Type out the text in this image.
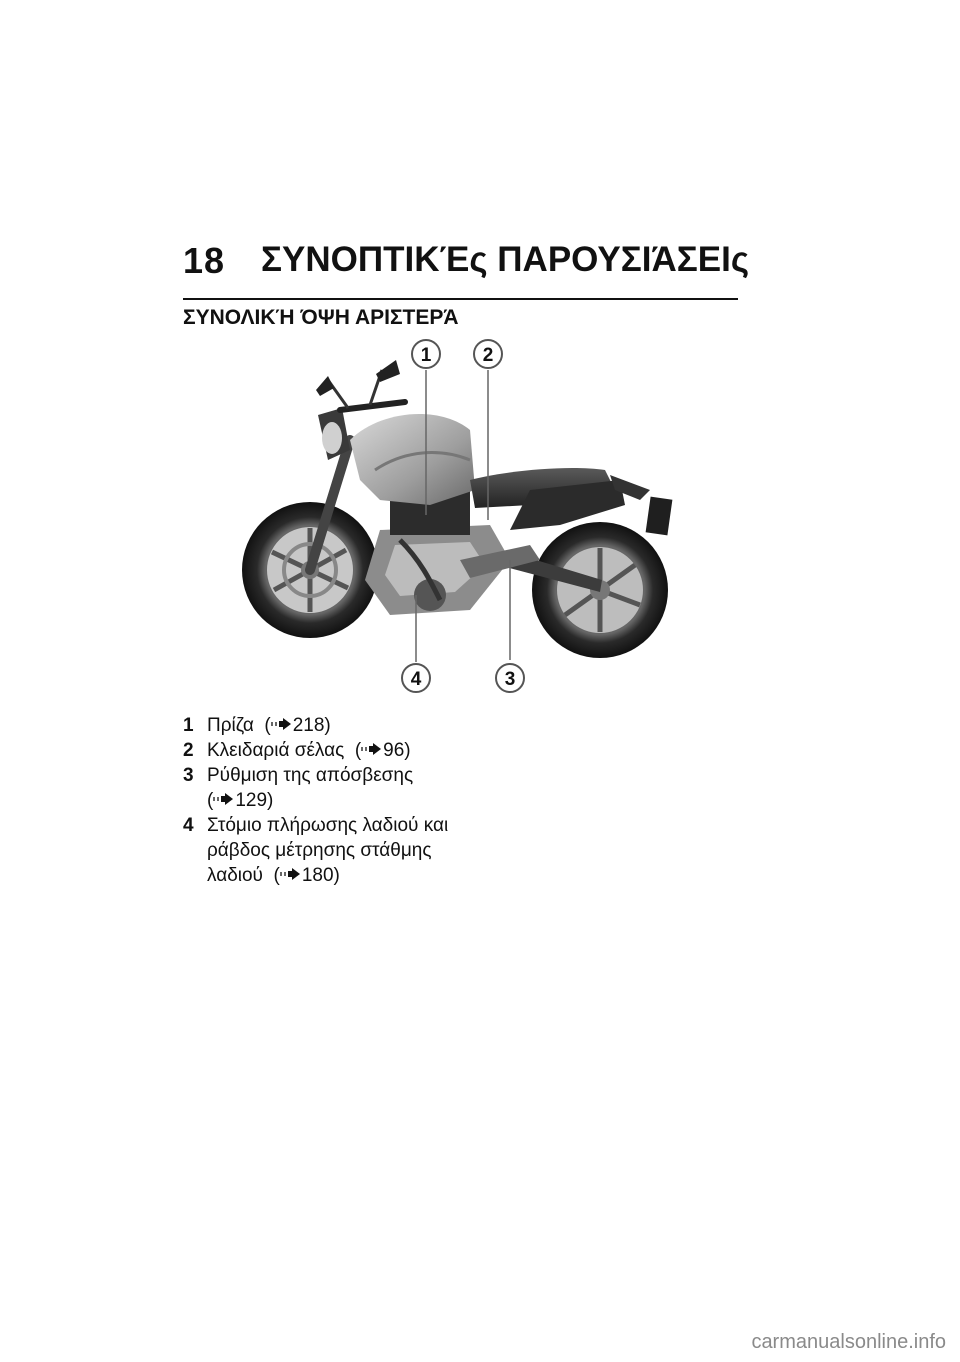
18 ΣΥΝΟΠΤΙΚΈς ΠΑΡΟΥΣΙΆΣΕΙς
ΣΥΝΟΛΙΚΉ ΌΨΗ ΑΡΙΣΤΕΡΆ
1	2
3
4
1 Πρίζα  ( 218)
2 Κλειδαριά σέλας  ( 96)
3 Ρύθμιση της απόσβεσης
( 129)
4 Στόμιο πλήρωσης λαδιού και
ράβδος μέτρησης στάθμης
λαδιού  ( 180)
carmanualsonline.info
